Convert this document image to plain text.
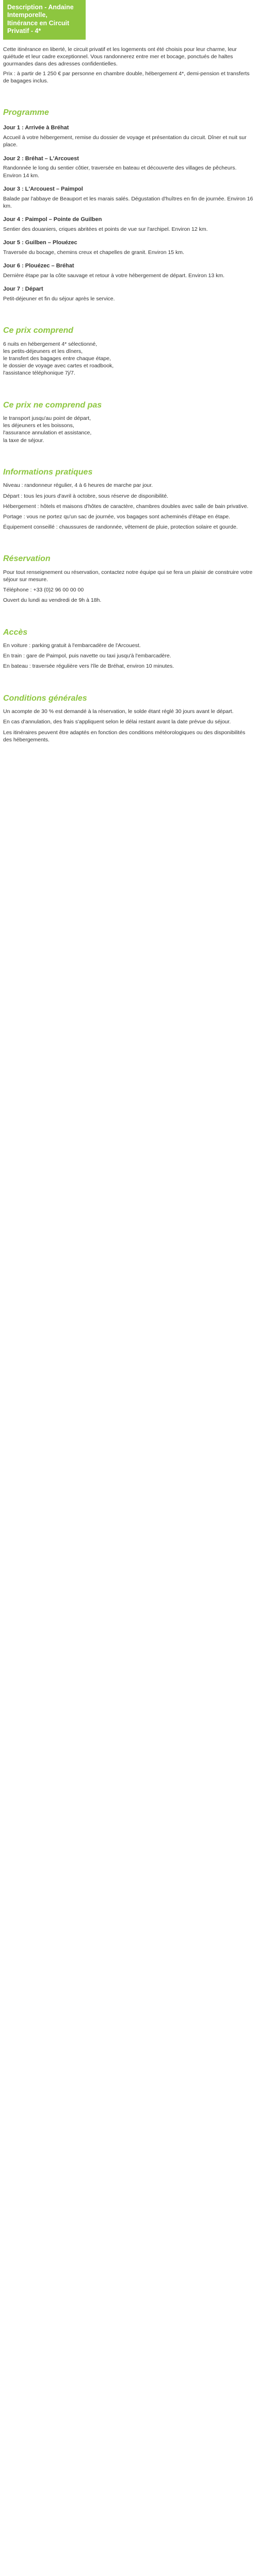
Description - Andaine Intemporelle,
Itinérance en Circuit Privatif - 4*

Cette itinérance en liberté, le circuit privatif et les logements ont été choisis pour leur charme, leur quiétude et leur cadre exceptionnel. Vous randonnerez entre mer et bocage, ponctués de haltes gourmandes dans des adresses confidentielles.

Prix : à partir de 1 250 € par personne en chambre double, hébergement 4*, demi-pension et transferts de bagages inclus.

Programme
Jour 1 : Arrivée à Bréhat

Accueil à votre hébergement, remise du dossier de voyage et présentation du circuit. Dîner et nuit sur place.

Jour 2 : Bréhat – L'Arcouest

Randonnée le long du sentier côtier, traversée en bateau et découverte des villages de pêcheurs. Environ 14 km.

Jour 3 : L'Arcouest – Paimpol

Balade par l'abbaye de Beauport et les marais salés. Dégustation d'huîtres en fin de journée. Environ 16 km.

Jour 4 : Paimpol – Pointe de Guilben

Sentier des douaniers, criques abritées et points de vue sur l'archipel. Environ 12 km.

Jour 5 : Guilben – Plouézec

Traversée du bocage, chemins creux et chapelles de granit. Environ 15 km.

Jour 6 : Plouézec – Bréhat

Dernière étape par la côte sauvage et retour à votre hébergement de départ. Environ 13 km.

Jour 7 : Départ

Petit-déjeuner et fin du séjour après le service.

Ce prix comprend
6 nuits en hébergement 4* sélectionné,
les petits-déjeuners et les dîners,
le transfert des bagages entre chaque étape,
le dossier de voyage avec cartes et roadbook,
l'assistance téléphonique 7j/7.
Ce prix ne comprend pas
le transport jusqu'au point de départ,
les déjeuners et les boissons,
l'assurance annulation et assistance,
la taxe de séjour.
Informations pratiques

Niveau : randonneur régulier, 4 à 6 heures de marche par jour.

Départ : tous les jours d'avril à octobre, sous réserve de disponibilité.

Hébergement : hôtels et maisons d'hôtes de caractère, chambres doubles avec salle de bain privative.

Portage : vous ne portez qu'un sac de journée, vos bagages sont acheminés d'étape en étape.

Équipement conseillé : chaussures de randonnée, vêtement de pluie, protection solaire et gourde.

Réservation

Pour tout renseignement ou réservation, contactez notre équipe qui se fera un plaisir de construire votre séjour sur mesure.

Téléphone : +33 (0)2 96 00 00 00

Ouvert du lundi au vendredi de 9h à 18h.

Accès

En voiture : parking gratuit à l'embarcadère de l'Arcouest.

En train : gare de Paimpol, puis navette ou taxi jusqu'à l'embarcadère.

En bateau : traversée régulière vers l'île de Bréhat, environ 10 minutes.

Conditions générales

Un acompte de 30 % est demandé à la réservation, le solde étant réglé 30 jours avant le départ.

En cas d'annulation, des frais s'appliquent selon le délai restant avant la date prévue du séjour.

Les itinéraires peuvent être adaptés en fonction des conditions météorologiques ou des disponibilités des hébergements.
